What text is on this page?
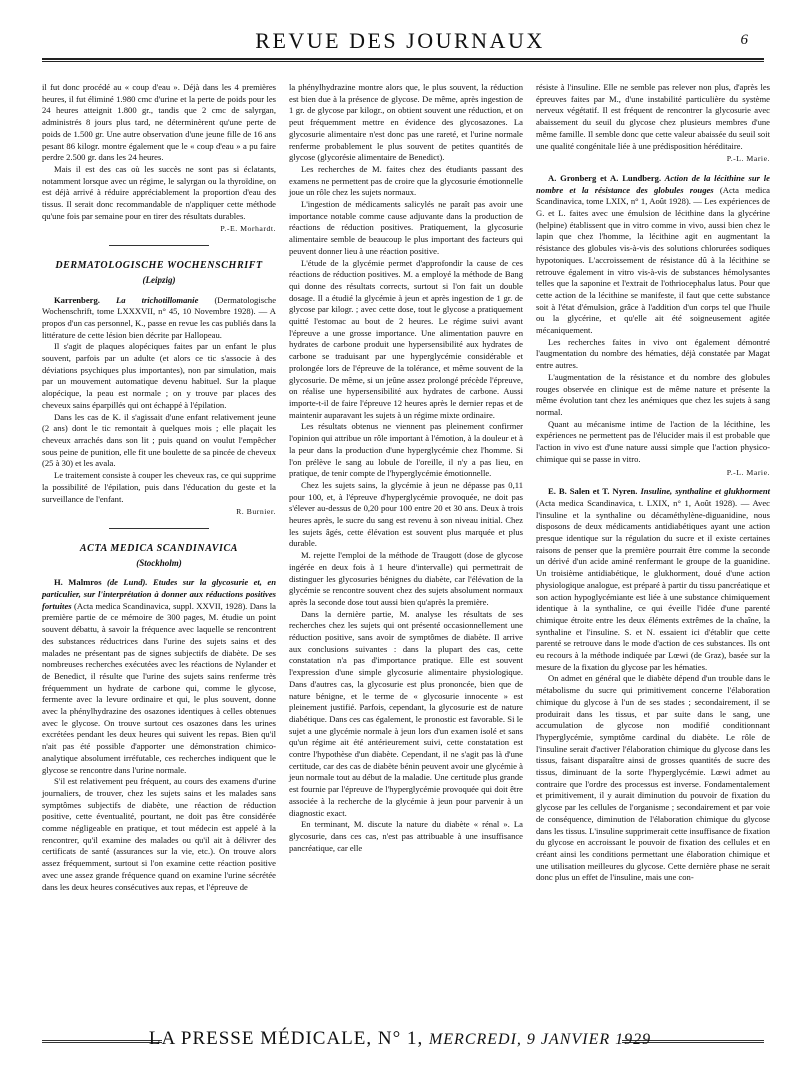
REVUE DES JOURNAUX	6

il fut donc procédé au « coup d'eau ». Déjà dans les 4 premières heures, il fut éliminé 1.980 cmc d'urine et la perte de poids pour les 24 heures atteignit 1.800 gr., tandis que 2 cmc de salyrgan, administrés 8 jours plus tard, ne déterminèrent qu'une perte de poids de 1.500 gr. Une autre observation d'une jeune fille de 16 ans pesant 86 kilogr. montre également que le « coup d'eau » a pu faire perdre 2.500 gr. dans les 24 heures.

Mais il est des cas où les succès ne sont pas si éclatants, notamment lorsque avec un régime, le salyrgan ou la thyroïdine, on est déjà arrivé à réduire appréciablement la proportion d'eau des tissus. Il serait donc recommandable de n'appliquer cette méthode qu'une fois par semaine pour en tirer des résultats durables.

P.-E. Morhardt.
DERMATOLOGISCHE WOCHENSCHRIFT
(Leipzig)

Karrenberg. La trichotillomanie (Dermatologische Wochenschrift, tome LXXXVII, n° 45, 10 Novembre 1928). — A propos d'un cas personnel, K., passe en revue les cas publiés dans la littérature de cette lésion bien décrite par Hallopeau.

Il s'agit de plaques alopéciques faites par un enfant le plus souvent, parfois par un adulte (et alors ce tic s'associe à des déviations psychiques plus importantes), non par simulation, mais par un mouvement automatique devenu habituel. Sur la plaque alopécique, la peau est normale ; on y trouve par places des cheveux sains éparpillés qui ont échappé à l'épilation.

Dans les cas de K. il s'agissait d'une enfant relativement jeune (2 ans) dont le tic remontait à quelques mois ; elle plaçait les cheveux arrachés dans son lit ; puis quand on voulut l'empêcher sous peine de punition, elle fit une boulette de sa pincée de cheveux (25 à 30) et les avala.

Le traitement consiste à couper les cheveux ras, ce qui supprime la possibilité de l'épilation, puis dans l'éducation du geste et la surveillance de l'enfant.

R. Burnier.
ACTA MEDICA SCANDINAVICA
(Stockholm)

H. Malmros (de Lund). Etudes sur la glycosurie et, en particulier, sur l'interprétation à donner aux réductions positives fortuites (Acta medica Scandinavica, suppl. XXVII, 1928). Dans la première partie de ce mémoire de 300 pages, M. étudie un point souvent débattu, à savoir la fréquence avec laquelle se rencontrent des substances réductrices dans l'urine des sujets sains et des malades ne présentant pas de signes subjectifs de diabète. De ses nombreuses recherches exécutées avec les réactions de Nylander et de Benedict, il résulte que l'urine des sujets sains renferme très fréquemment un hydrate de carbone qui, comme le glycose, fermente avec la levure ordinaire et qui, le plus souvent, donne avec la phénylhydrazine des osazones identiques à celles obtenues avec le glycose. On trouve surtout ces osazones dans les urines excrétées pendant les deux heures qui suivent les repas. Bien qu'il n'ait pas été possible d'apporter une démonstration chimico-analytique absolument irréfutable, ces recherches indiquent que le glycose se rencontre dans l'urine normale.

S'il est relativement peu fréquent, au cours des examens d'urine journaliers, de trouver, chez les sujets sains et les malades sans symptômes subjectifs de diabète, une réaction de réduction positive, cette éventualité, pourtant, ne doit pas être considérée comme négligeable en pratique, et tout médecin est appelé à la rencontrer, qu'il examine des malades ou qu'il ait à délivrer des certificats de santé (assurances sur la vie, etc.). On trouve alors assez fréquemment, surtout si l'on examine cette réaction positive avec une assez grande fréquence quand on examine l'urine sécrétée dans les deux heures consécutives aux repas, et l'épreuve de

la phénylhydrazine montre alors que, le plus souvent, la réduction est bien due à la présence de glycose. De même, après ingestion de 1 gr. de glycose par kilogr., on obtient souvent une réduction, et on peut fréquemment mettre en évidence des glycosazones. La glycosurie alimentaire n'est donc pas une rareté, et l'urine normale renferme probablement le plus souvent de petites quantités de glycose (glycorésie alimentaire de Benedict).

Les recherches de M. faites chez des étudiants passant des examens ne permettent pas de croire que la glycosurie émotionnelle joue un rôle chez les sujets normaux.

L'ingestion de médicaments salicylés ne paraît pas avoir une importance notable comme cause adjuvante dans la production de réactions de réduction positives. Pratiquement, la glycosurie alimentaire semble de beaucoup le plus important des facteurs qui peuvent donner lieu à une réaction positive.

L'étude de la glycémie permet d'approfondir la cause de ces réactions de réduction positives. M. a employé la méthode de Bang qui donne des résultats corrects, surtout si l'on fait un double dosage. Il a étudié la glycémie à jeun et après ingestion de 1 gr. de glycose par kilogr. ; avec cette dose, tout le glycose a pratiquement quitté l'estomac au bout de 2 heures. Le régime suivi avant l'épreuve a une grosse importance. Une alimentation pauvre en hydrates de carbone produit une hypersensibilité aux hydrates de carbone se traduisant par une hyperglycémie considérable et prolongée lors de l'épreuve de la tolérance, et même souvent de la glycosurie. De même, si un jeûne assez prolongé précède l'épreuve, on réalise une hypersensibilité aux hydrates de carbone. Aussi importe-t-il de faire l'épreuve 12 heures après le dernier repas et de maintenir auparavant les sujets à un régime mixte ordinaire.

Les résultats obtenus ne viennent pas pleinement confirmer l'opinion qui attribue un rôle important à l'émotion, à la douleur et à la peur dans la production d'une hyperglycémie chez l'homme. Si l'on prélève le sang au lobule de l'oreille, il n'y a pas lieu, en pratique, de tenir compte de l'hyperglycémie émotionnelle.

Chez les sujets sains, la glycémie à jeun ne dépasse pas 0,11 pour 100, et, à l'épreuve d'hyperglycémie provoquée, ne doit pas s'élever au-dessus de 0,20 pour 100 entre 20 et 30 ans. Deux à trois heures après, le sucre du sang est revenu à son niveau initial. Chez les sujets âgés, cette élévation est souvent plus marquée et plus durable.

M. rejette l'emploi de la méthode de Traugott (dose de glycose ingérée en deux fois à 1 heure d'intervalle) qui permettrait de distinguer les glycosuries bénignes du diabète, car l'élévation de la glycémie se rencontre souvent chez des sujets absolument normaux après la seconde dose tout aussi bien qu'après la première.

Dans la dernière partie, M. analyse les résultats de ses recherches chez les sujets qui ont présenté occasionnellement une réduction positive, sans avoir de symptômes de diabète. Il arrive aux conclusions suivantes : dans la plupart des cas, cette constatation n'a pas d'importance pratique. Elle est souvent l'expression d'une simple glycosurie alimentaire physiologique. Dans d'autres cas, la glycosurie est plus prononcée, bien que de nature bénigne, et le terme de « glycosurie innocente » est pleinement justifié. Parfois, cependant, la glycosurie est de nature diabétique. Dans ces cas également, le pronostic est favorable. Si le sujet a une glycémie normale à jeun lors d'un examen isolé et sans qu'un régime ait été antérieurement suivi, cette constatation est contre l'hypothèse d'un diabète. Cependant, il ne s'agit pas là d'une certitude, car des cas de diabète bénin peuvent avoir une glycémie à jeun normale tout au début de la maladie. Une certitude plus grande est fournie par l'épreuve de l'hyperglycémie provoquée qui doit être associée à la recherche de la glycémie à jeun pour parvenir à un diagnostic exact.

En terminant, M. discute la nature du diabète « rénal ». La glycosurie, dans ces cas, n'est pas attribuable à une insuffisance pancréatique, car elle

résiste à l'insuline. Elle ne semble pas relever non plus, d'après les épreuves faites par M., d'une instabilité particulière du système nerveux végétatif. Il est fréquent de rencontrer la glycosurie avec abaissement du seuil du glycose chez plusieurs membres d'une même famille. Il semble donc que cette valeur abaissée du seuil soit une qualité congénitale liée à une prédisposition héréditaire.

P.-L. Marie.

A. Gronberg et A. Lundberg. Action de la lécithine sur le nombre et la résistance des globules rouges (Acta medica Scandinavica, tome LXIX, n° 1, Août 1928). — Les expériences de G. et L. faites avec une émulsion de lécithine dans la glycérine (helpine) établissent que in vitro comme in vivo, aussi bien chez le lapin que chez l'homme, la lécithine agit en augmentant la résistance des globules vis-à-vis des solutions chlorurées sodiques hypotoniques. L'accroissement de résistance dû à la lécithine se retrouve également in vitro vis-à-vis de substances hémolysantes telles que la saponine et l'extrait de l'othriocephalus latus. Pour que cette action de la lécithine se manifeste, il faut que cette substance soit à l'état d'émulsion, grâce à l'addition d'un corps tel que l'huile ou la glycérine, et qu'elle ait été soigneusement agitée mécaniquement.

Les recherches faites in vivo ont également démontré l'augmentation du nombre des hématies, déjà constatée par Magat entre autres.

L'augmentation de la résistance et du nombre des globules rouges observée en clinique est de même nature et présente la même évolution tant chez les anémiques que chez les sujets à sang normal.

Quant au mécanisme intime de l'action de la lécithine, les expériences ne permettent pas de l'élucider mais il est probable que l'action in vivo est d'une nature aussi simple que l'action physico-chimique qui se passe in vitro.

P.-L. Marie.

E. B. Salen et T. Nyren. Insuline, synthaline et glukhorment (Acta medica Scandinavica, t. LXIX, n° 1, Août 1928). — Avec l'insuline et la synthaline ou décaméthylène-diguanidine, nous disposons de deux médicaments antidiabétiques ayant une action presque identique sur la régulation du sucre et il existe certaines raisons de penser que la première pourrait être comme la seconde un dérivé d'un acide aminé renfermant le groupe de la guanidine. Un troisième antidiabétique, le glukhorment, doué d'une action physiologique analogue, est préparé à partir du tissu pancréatique et son action hypoglycémiante est liée à une substance chimiquement identique à la synthaline, ce qui éveille l'idée d'une parenté chimique étroite entre les deux éléments extrêmes de la chaîne, la synthaline et l'insuline. S. et N. essaient ici d'établir que cette parenté se retrouve dans le mode d'action de ces substances. Ils ont eu recours à la méthode indiquée par Lœwi (de Graz), basée sur la mesure de la fixation du glycose par les hématies.

On admet en général que le diabète dépend d'un trouble dans le métabolisme du sucre qui primitivement concerne l'élaboration chimique du glycose à l'un de ses stades ; secondairement, il se produirait dans les tissus, et par suite dans le sang, une accumulation de glycose non modifié conditionnant l'hyperglycémie, symptôme cardinal du diabète. Le rôle de l'insuline serait d'activer l'élaboration chimique du glycose dans les tissus, faisant disparaître ainsi de grosses quantités de sucre des tissus, diminuant de la sorte l'hyperglycémie. Lœwi admet au contraire que l'ordre des processus est inverse. Fondamentalement et primitivement, il y aurait diminution du pouvoir de fixation du glycose par les cellules de l'organisme ; secondairement et par voie de conséquence, diminution de l'élaboration chimique du glycose dans les tissus. L'insuline supprimerait cette insuffisance de fixation du glycose en accroissant le pouvoir de fixation des cellules et en créant ainsi les conditions permettant une élaboration chimique et une utilisation meilleures du glycose. Cette dernière phase ne serait donc plus un effet de l'insuline, mais une con-

LA PRESSE MÉDICALE, N° 1, MERCREDI, 9 JANVIER 1929
